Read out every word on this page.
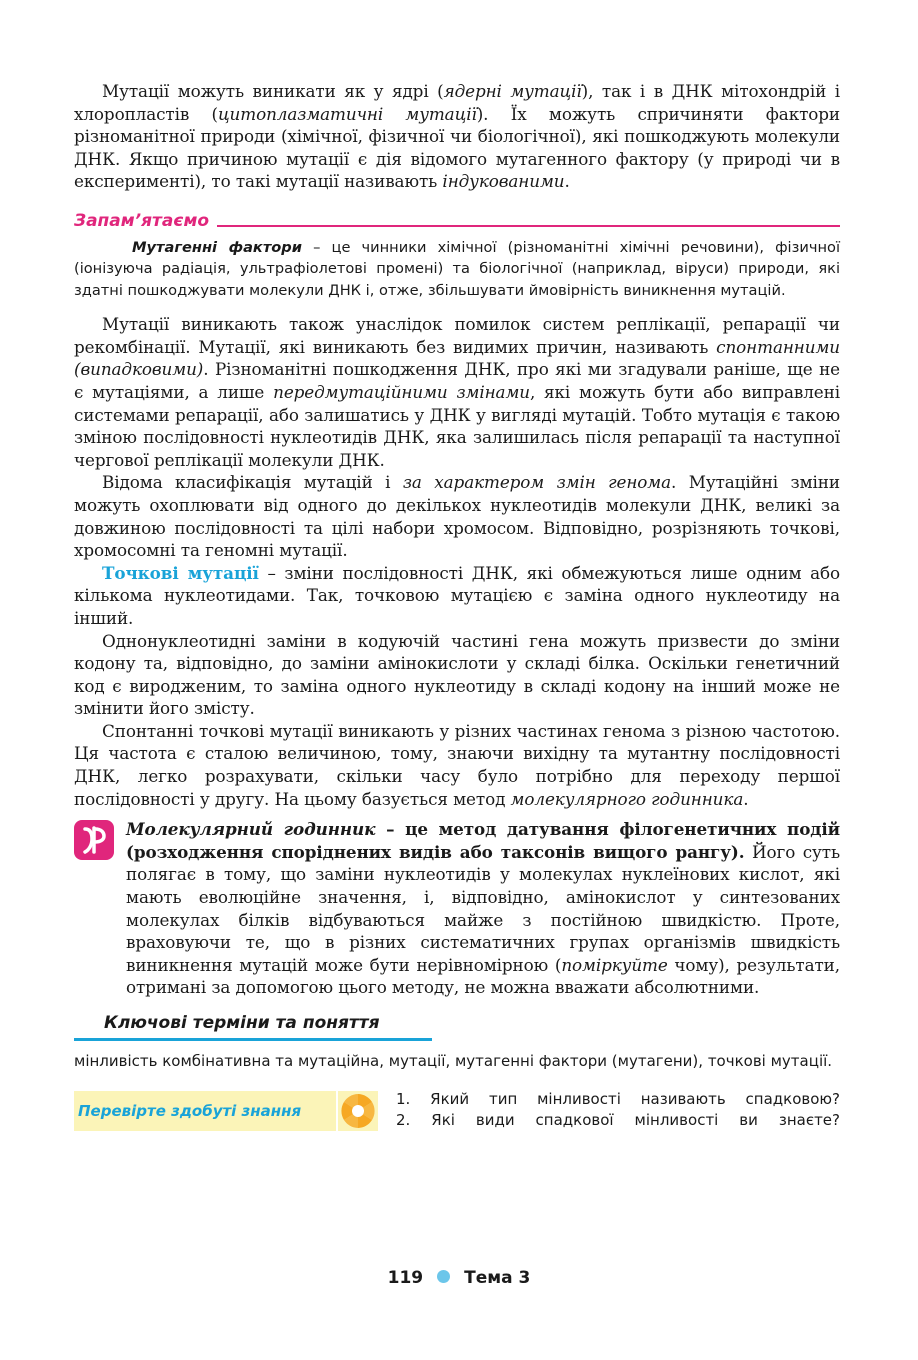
Мутації можуть виникати як у ядрі (ядерні мутації), так і в ДНК мітохондрій і хлоропластів (цитоплазматичні мутації). Їх можуть спричиняти фактори різноманітної природи (хімічної, фізичної чи біологічної), які пошкоджують молекули ДНК. Якщо причиною мутації є дія відомого мутагенного фактору (у природі чи в експерименті), то такі мутації називають індукованими.

Запам’ятаємо

Мутагенні фактори – це чинники хімічної (різноманітні хімічні речовини), фізичної (іонізуюча радіація, ультрафіолетові промені) та біологічної (наприклад, віруси) природи, які здатні пошкоджувати молекули ДНК і, отже, збільшувати ймовірність виникнення мутацій.

Мутації виникають також унаслідок помилок систем реплікації, репарації чи рекомбінації. Мутації, які виникають без видимих причин, називають спонтанними (випадковими). Різноманітні пошкодження ДНК, про які ми згадували раніше, ще не є мутаціями, а лише передмутаційними змінами, які можуть бути або виправлені системами репарації, або залишатись у ДНК у вигляді мутацій. Тобто мутація є такою зміною послідовності нуклеотидів ДНК, яка залишилась після репарації та наступної чергової реплікації молекули ДНК.

Відома класифікація мутацій і за характером змін генома. Мутаційні зміни можуть охоплювати від одного до декількох нуклеотидів молекули ДНК, великі за довжиною послідовності та цілі набори хромосом. Відповідно, розрізняють точкові, хромосомні та геномні мутації.

Точкові мутації – зміни послідовності ДНК, які обмежуються лише одним або кількома нуклеотидами. Так, точковою мутацією є заміна одного нуклеотиду на інший.

Однонуклеотидні заміни в кодуючій частині гена можуть призвести до зміни кодону та, відповідно, до заміни амінокислоти у складі білка. Оскільки генетичний код є виродженим, то заміна одного нуклеотиду в складі кодону на інший може не змінити його змісту.

Спонтанні точкові мутації виникають у різних частинах генома з різною частотою. Ця частота є сталою величиною, тому, знаючи вихідну та мутантну послідовності ДНК, легко розрахувати, скільки часу було потрібно для переходу першої послідовності у другу. На цьому базується метод молекулярного годинника.

Молекулярний годинник – це метод датування філогенетичних подій (розходження споріднених видів або таксонів вищого рангу). Його суть полягає в тому, що заміни нуклеотидів у молекулах нуклеїнових кислот, які мають еволюційне значення, і, відповідно, амінокислот у синтезованих молекулах білків відбуваються майже з постійною швидкістю. Проте, враховуючи те, що в різних систематичних групах організмів швидкість виникнення мутацій може бути нерівномірною (поміркуйте чому), результати, отримані за допомогою цього методу, не можна вважати абсолютними.

Ключові терміни та поняття

мінливість комбінативна та мутаційна, мутації, мутагенні фактори (мутагени), точкові мутації.

Перевірте здобуті знання
1. Який тип мінливості називають спадковою?
2. Які види спадкової мінливості ви знаєте?
119 Тема 3
